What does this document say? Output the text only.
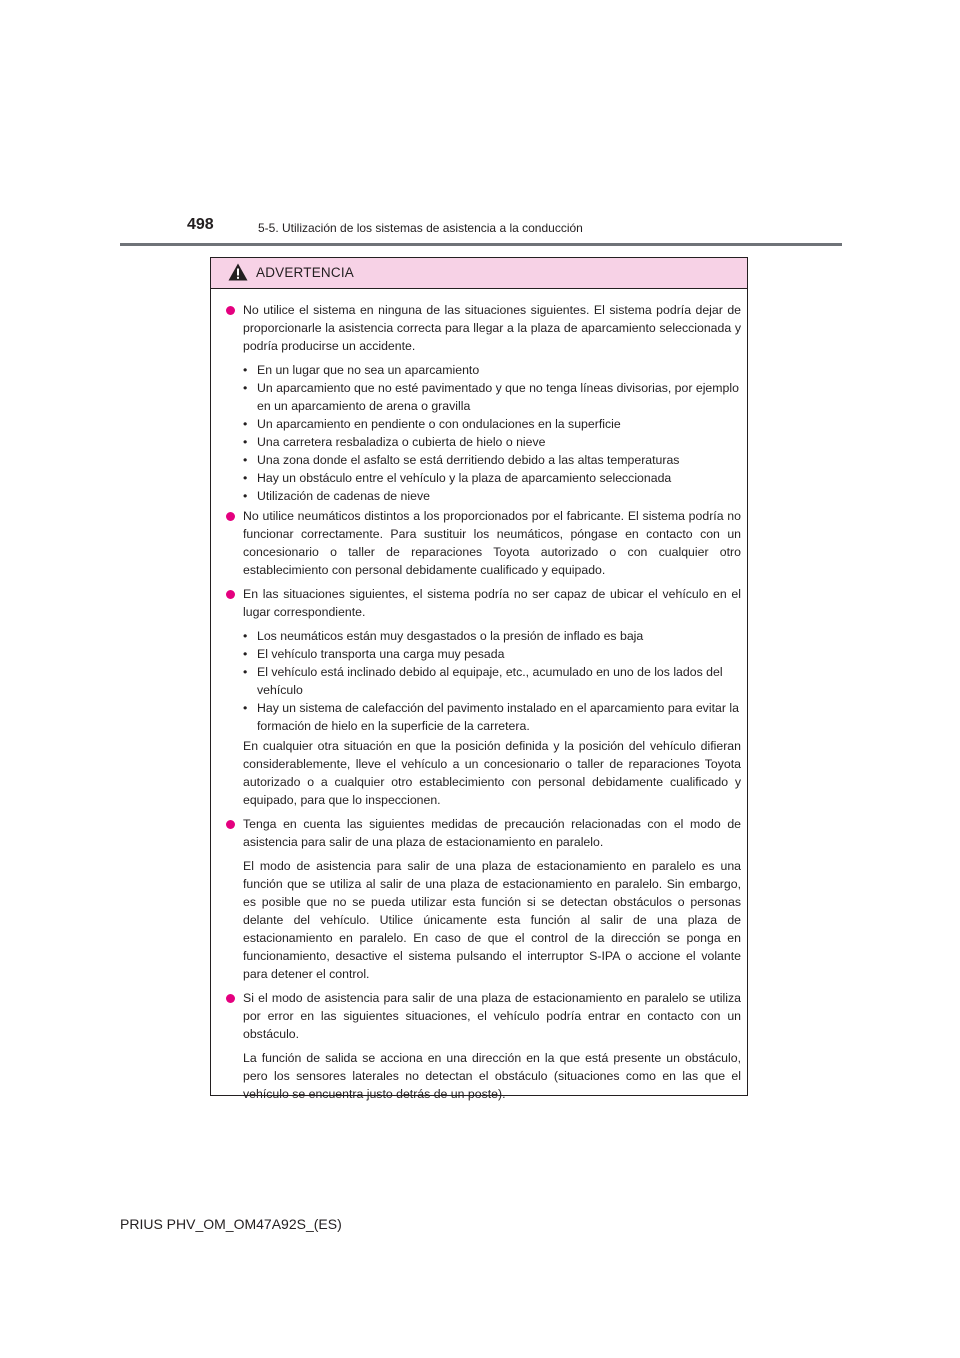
498	5-5. Utilización de los sistemas de asistencia a la conducción
ADVERTENCIA
No utilice el sistema en ninguna de las situaciones siguientes. El sistema podría dejar de proporcionarle la asistencia correcta para llegar a la plaza de aparcamiento seleccionada y podría producirse un accidente.
• En un lugar que no sea un aparcamiento
• Un aparcamiento que no esté pavimentado y que no tenga líneas divisorias, por ejemplo en un aparcamiento de arena o gravilla
• Un aparcamiento en pendiente o con ondulaciones en la superficie
• Una carretera resbaladiza o cubierta de hielo o nieve
• Una zona donde el asfalto se está derritiendo debido a las altas temperaturas
• Hay un obstáculo entre el vehículo y la plaza de aparcamiento seleccionada
• Utilización de cadenas de nieve
No utilice neumáticos distintos a los proporcionados por el fabricante. El sistema podría no funcionar correctamente. Para sustituir los neumáticos, póngase en contacto con un concesionario o taller de reparaciones Toyota autorizado o con cualquier otro establecimiento con personal debidamente cualificado y equipado.
En las situaciones siguientes, el sistema podría no ser capaz de ubicar el vehículo en el lugar correspondiente.
• Los neumáticos están muy desgastados o la presión de inflado es baja
• El vehículo transporta una carga muy pesada
• El vehículo está inclinado debido al equipaje, etc., acumulado en uno de los lados del vehículo
• Hay un sistema de calefacción del pavimento instalado en el aparcamiento para evitar la formación de hielo en la superficie de la carretera.

En cualquier otra situación en que la posición definida y la posición del vehículo difieran considerablemente, lleve el vehículo a un concesionario o taller de reparaciones Toyota autorizado o a cualquier otro establecimiento con personal debidamente cualificado y equipado, para que lo inspeccionen.

Tenga en cuenta las siguientes medidas de precaución relacionadas con el modo de asistencia para salir de una plaza de estacionamiento en paralelo.

El modo de asistencia para salir de una plaza de estacionamiento en paralelo es una función que se utiliza al salir de una plaza de estacionamiento en paralelo. Sin embargo, es posible que no se pueda utilizar esta función si se detectan obstáculos o personas delante del vehículo. Utilice únicamente esta función al salir de una plaza de estacionamiento en paralelo. En caso de que el control de la dirección se ponga en funcionamiento, desactive el sistema pulsando el interruptor S-IPA o accione el volante para detener el control.

Si el modo de asistencia para salir de una plaza de estacionamiento en paralelo se utiliza por error en las siguientes situaciones, el vehículo podría entrar en contacto con un obstáculo.

La función de salida se acciona en una dirección en la que está presente un obstáculo, pero los sensores laterales no detectan el obstáculo (situaciones como en las que el vehículo se encuentra justo detrás de un poste).

PRIUS PHV_OM_OM47A92S_(ES)
